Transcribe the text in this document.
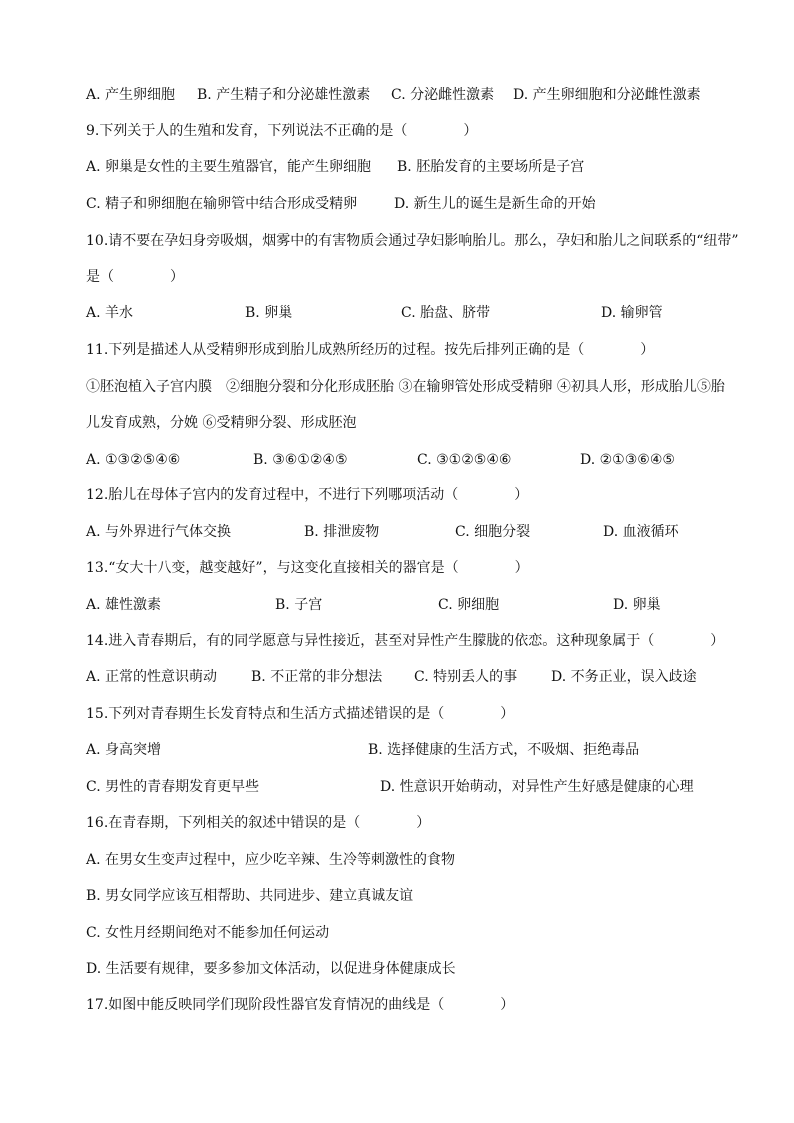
A. 产生卵细胞 B. 产生精子和分泌雄性激素 C. 分泌雌性激素 D. 产生卵细胞和分泌雌性激素
9.下列关于人的生殖和发育，下列说法不正确的是（　　　　）
A. 卵巢是女性的主要生殖器官，能产生卵细胞 B. 胚胎发育的主要场所是子宫
C. 精子和卵细胞在输卵管中结合形成受精卵	D. 新生儿的诞生是新生命的开始
10.请不要在孕妇身旁吸烟，烟雾中的有害物质会通过孕妇影响胎儿。那么，孕妇和胎儿之间联系的“纽带”
是（　　　　）
A. 羊水	B. 卵巢	C. 胎盘、脐带	D. 输卵管
11.下列是描述人从受精卵形成到胎儿成熟所经历的过程。按先后排列正确的是（　　　　）
①胚泡植入子宫内膜　②细胞分裂和分化形成胚胎 ③在输卵管处形成受精卵 ④初具人形，形成胎儿⑤胎
儿发育成熟，分娩 ⑥受精卵分裂、形成胚泡
A. ①③②⑤④⑥	B. ③⑥①②④⑤	C. ③①②⑤④⑥	D. ②①③⑥④⑤
12.胎儿在母体子宫内的发育过程中，不进行下列哪项活动（　　　　）
A. 与外界进行气体交换	B. 排泄废物	C. 细胞分裂	D. 血液循环
13.“女大十八变，越变越好”，与这变化直接相关的器官是（　　　　）
A. 雄性激素	B. 子宫	C. 卵细胞	D. 卵巢
14.进入青春期后，有的同学愿意与异性接近，甚至对异性产生朦胧的依恋。这种现象属于（　　　　）
A. 正常的性意识萌动 B. 不正常的非分想法 C. 特别丢人的事 D. 不务正业，误入歧途
15.下列对青春期生长发育特点和生活方式描述错误的是（　　　　）
A. 身高突增	B. 选择健康的生活方式，不吸烟、拒绝毒品
C. 男性的青春期发育更早些	D. 性意识开始萌动，对异性产生好感是健康的心理
16.在青春期，下列相关的叙述中错误的是（　　　　）
A. 在男女生变声过程中，应少吃辛辣、生冷等刺激性的食物
B. 男女同学应该互相帮助、共同进步、建立真诚友谊
C. 女性月经期间绝对不能参加任何运动
D. 生活要有规律，要多参加文体活动，以促进身体健康成长
17.如图中能反映同学们现阶段性器官发育情况的曲线是（　　　　）
